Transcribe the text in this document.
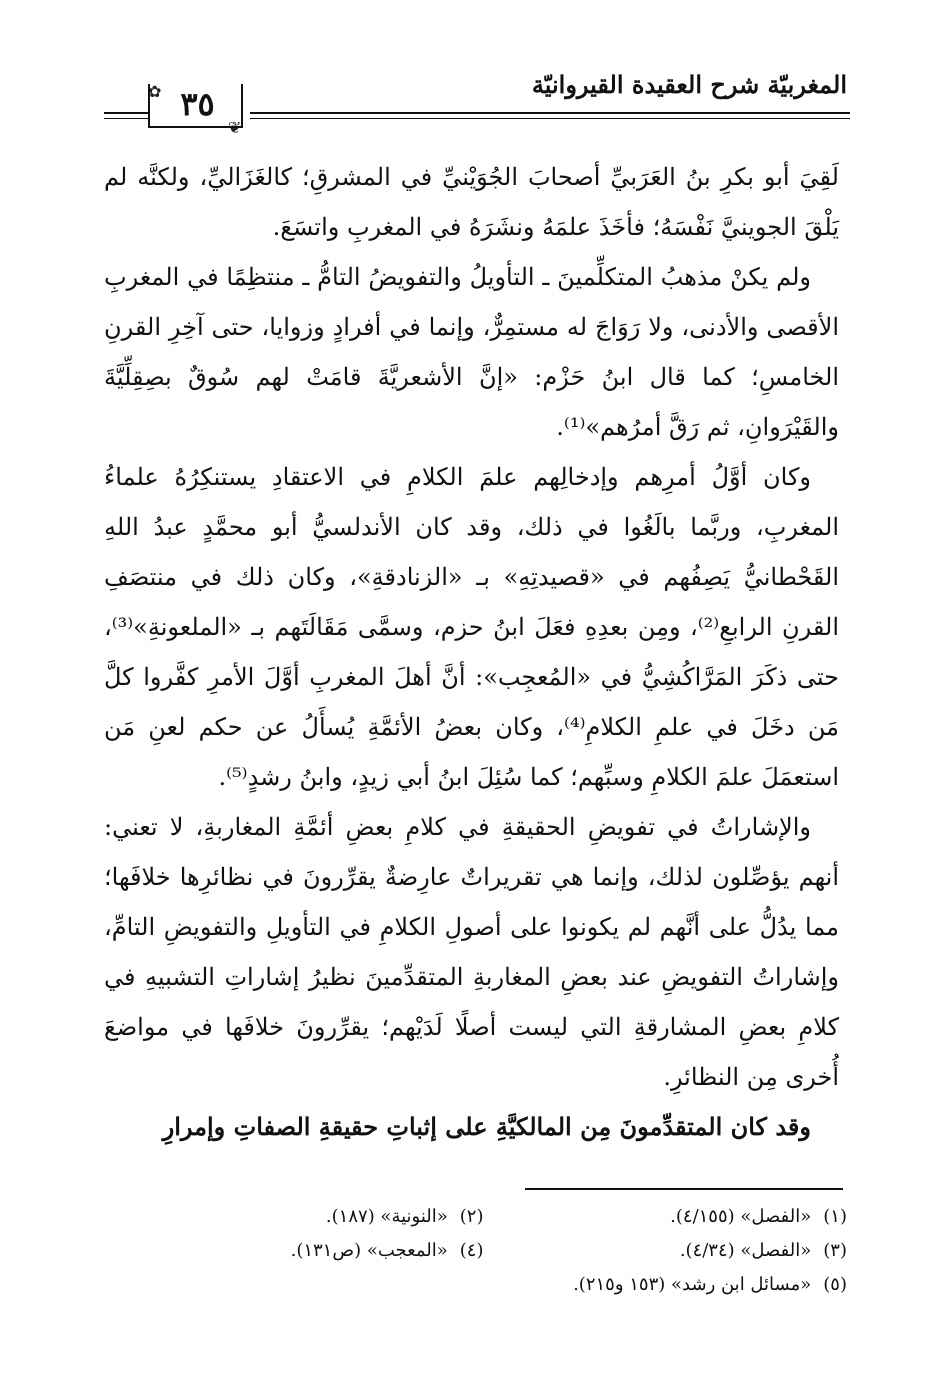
المغربيّة شرح العقيدة القيروانيّة
✿
❦
٣٥

لَقِيَ أبو بكرِ بنُ العَرَبيِّ أصحابَ الجُوَيْنيِّ في المشرقِ؛ كالغَزَاليِّ، ولكنَّه لم يَلْقَ الجوينيَّ نَفْسَهُ؛ فأخَذَ علمَهُ ونشَرَهُ في المغربِ واتسَعَ.

ولم يكنْ مذهبُ المتكلِّمينَ ـ التأويلُ والتفويضُ التامُّ ـ منتظِمًا في المغربِ الأقصى والأدنى، ولا رَوَاجَ له مستمِرٌّ، وإنما في أفرادٍ وزوايا، حتى آخِرِ القرنِ الخامسِ؛ كما قال ابنُ حَزْم: «إنَّ الأشعريَّةَ قامَتْ لهم سُوقٌ بصِقِلِّيَّةَ والقَيْرَوانِ، ثم رَقَّ أمرُهم»⁽¹⁾.

وكان أوَّلُ أمرِهم وإدخالِهم علمَ الكلامِ في الاعتقادِ يستنكِرُهُ علماءُ المغربِ، وربَّما بالَغُوا في ذلك، وقد كان الأندلسيُّ أبو محمَّدٍ عبدُ اللهِ القَحْطانيُّ يَصِفُهم في «قصيدتِهِ» بـ «الزنادقةِ»، وكان ذلك في منتصَفِ القرنِ الرابعِ⁽²⁾، ومِن بعدِهِ فعَلَ ابنُ حزم، وسمَّى مَقَالَتَهم بـ «الملعونةِ»⁽³⁾، حتى ذكَرَ المَرَّاكُشِيُّ في «المُعجِب»: أنَّ أهلَ المغربِ أوَّلَ الأمرِ كفَّروا كلَّ مَن دخَلَ في علمِ الكلامِ⁽⁴⁾، وكان بعضُ الأئمَّةِ يُسأَلُ عن حكم لعنِ مَن استعمَلَ علمَ الكلامِ وسبِّهم؛ كما سُئِلَ ابنُ أبي زيدٍ، وابنُ رشدٍ⁽⁵⁾.

والإشاراتُ في تفويضِ الحقيقةِ في كلامِ بعضِ أئمَّةِ المغاربةِ، لا تعني: أنهم يؤصِّلون لذلك، وإنما هي تقريراتٌ عارِضةٌ يقرِّرونَ في نظائرِها خلافَها؛ مما يدُلُّ على أنَّهم لم يكونوا على أصولِ الكلامِ في التأويلِ والتفويضِ التامِّ، وإشاراتُ التفويضِ عند بعضِ المغاربةِ المتقدِّمينَ نظيرُ إشاراتِ التشبيهِ في كلامِ بعضِ المشارقةِ التي ليست أصلًا لَدَيْهم؛ يقرِّرونَ خلافَها في مواضعَ أُخرى مِن النظائرِ.

وقد كان المتقدِّمونَ مِن المالكيَّةِ على إثباتِ حقيقةِ الصفاتِ وإمرارِ

(١)«الفصل» (٤/١٥٥).
(٢)«النونية» (١٨٧).
(٣)«الفصل» (٤/٣٤).
(٤)«المعجب» (ص١٣١).
(٥)«مسائل ابن رشد» (١٥٣ و٢١٥).
